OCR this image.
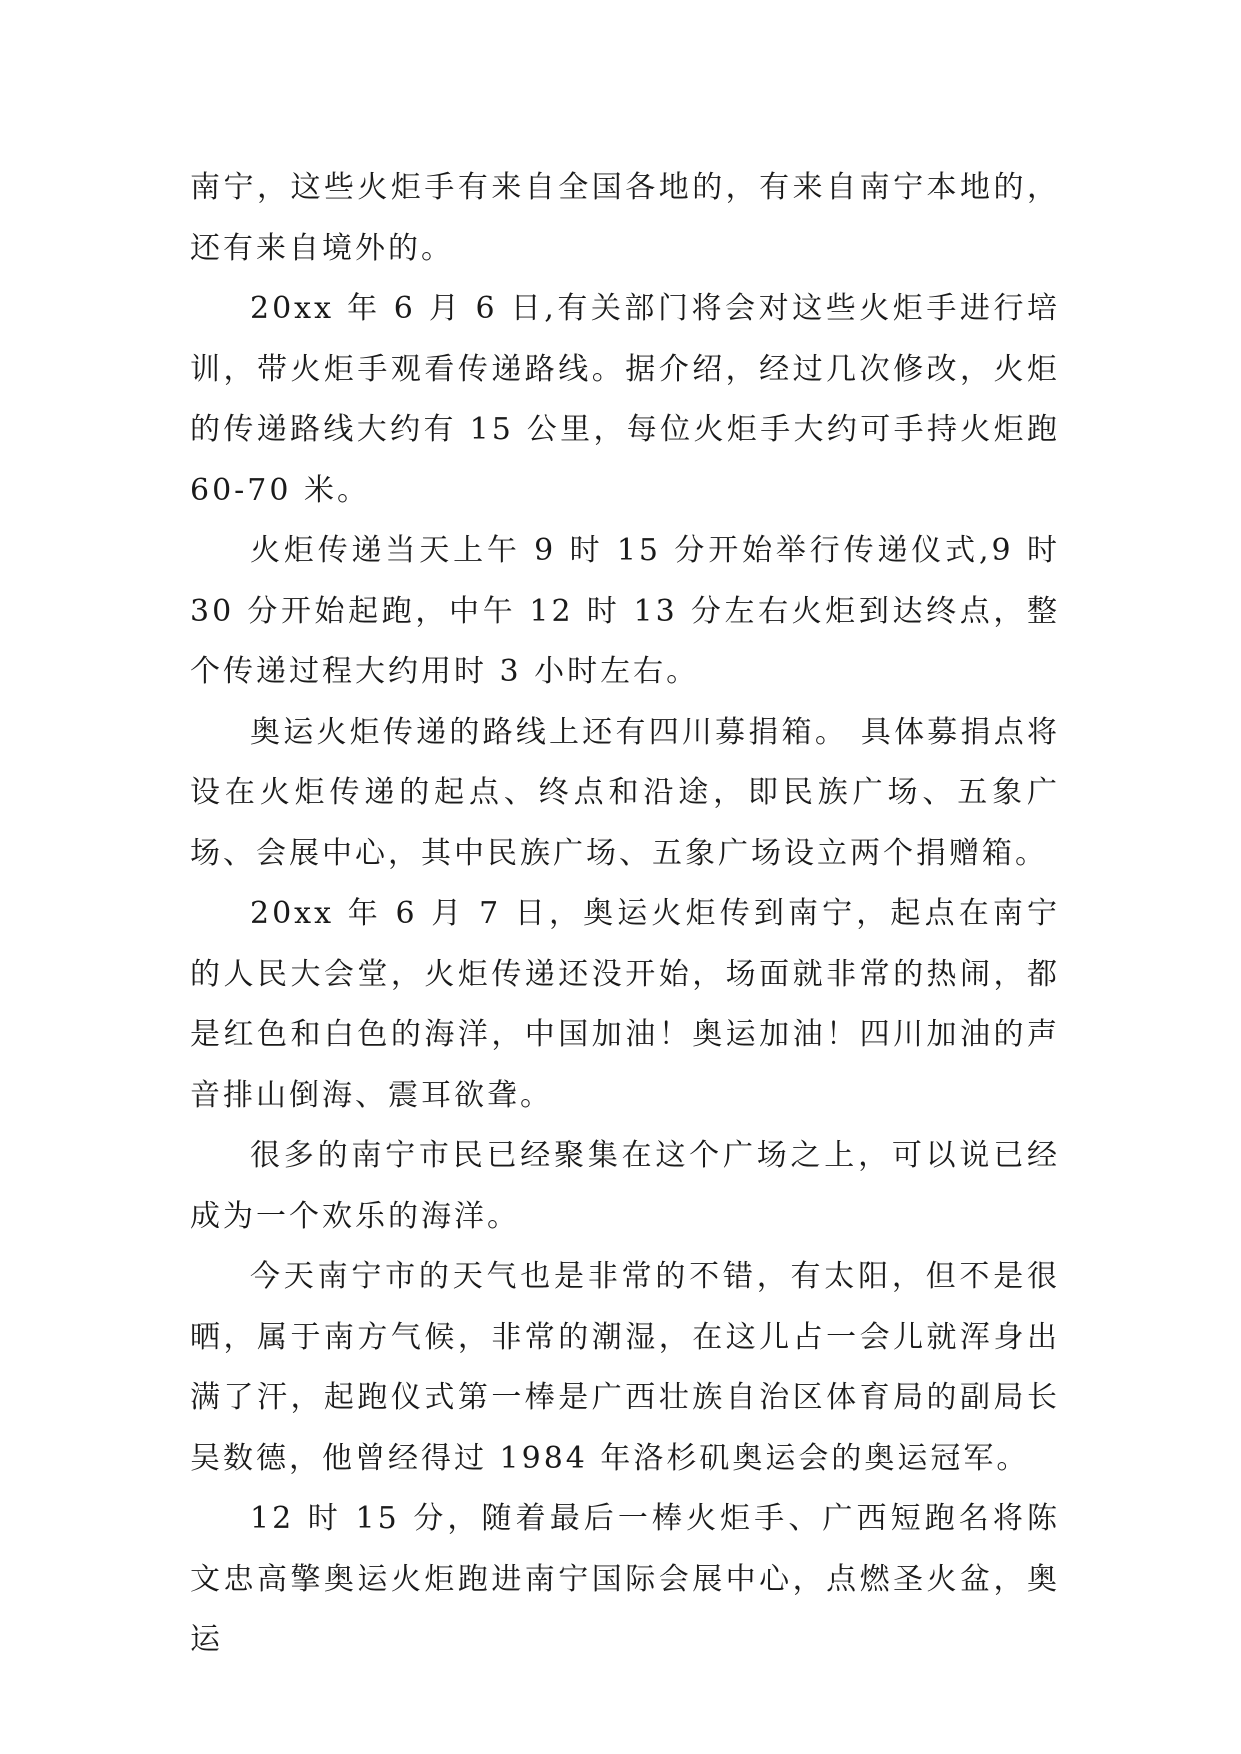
南宁，这些火炬手有来自全国各地的，有来自南宁本地的，还有来自境外的。

20xx 年 6 月 6 日,有关部门将会对这些火炬手进行培训，带火炬手观看传递路线。据介绍，经过几次修改，火炬的传递路线大约有 15 公里，每位火炬手大约可手持火炬跑 60-70 米。

火炬传递当天上午 9 时 15 分开始举行传递仪式,9 时 30 分开始起跑，中午 12 时 13 分左右火炬到达终点，整个传递过程大约用时 3 小时左右。

奥运火炬传递的路线上还有四川募捐箱。 具体募捐点将设在火炬传递的起点、终点和沿途，即民族广场、五象广场、会展中心，其中民族广场、五象广场设立两个捐赠箱。

20xx 年 6 月 7 日，奥运火炬传到南宁，起点在南宁的人民大会堂，火炬传递还没开始，场面就非常的热闹，都是红色和白色的海洋，中国加油！奥运加油！四川加油的声音排山倒海、震耳欲聋。

很多的南宁市民已经聚集在这个广场之上，可以说已经成为一个欢乐的海洋。

今天南宁市的天气也是非常的不错，有太阳，但不是很晒，属于南方气候，非常的潮湿，在这儿占一会儿就浑身出满了汗，起跑仪式第一棒是广西壮族自治区体育局的副局长吴数德，他曾经得过 1984 年洛杉矶奥运会的奥运冠军。

12 时 15 分，随着最后一棒火炬手、广西短跑名将陈文忠高擎奥运火炬跑进南宁国际会展中心，点燃圣火盆，奥运
